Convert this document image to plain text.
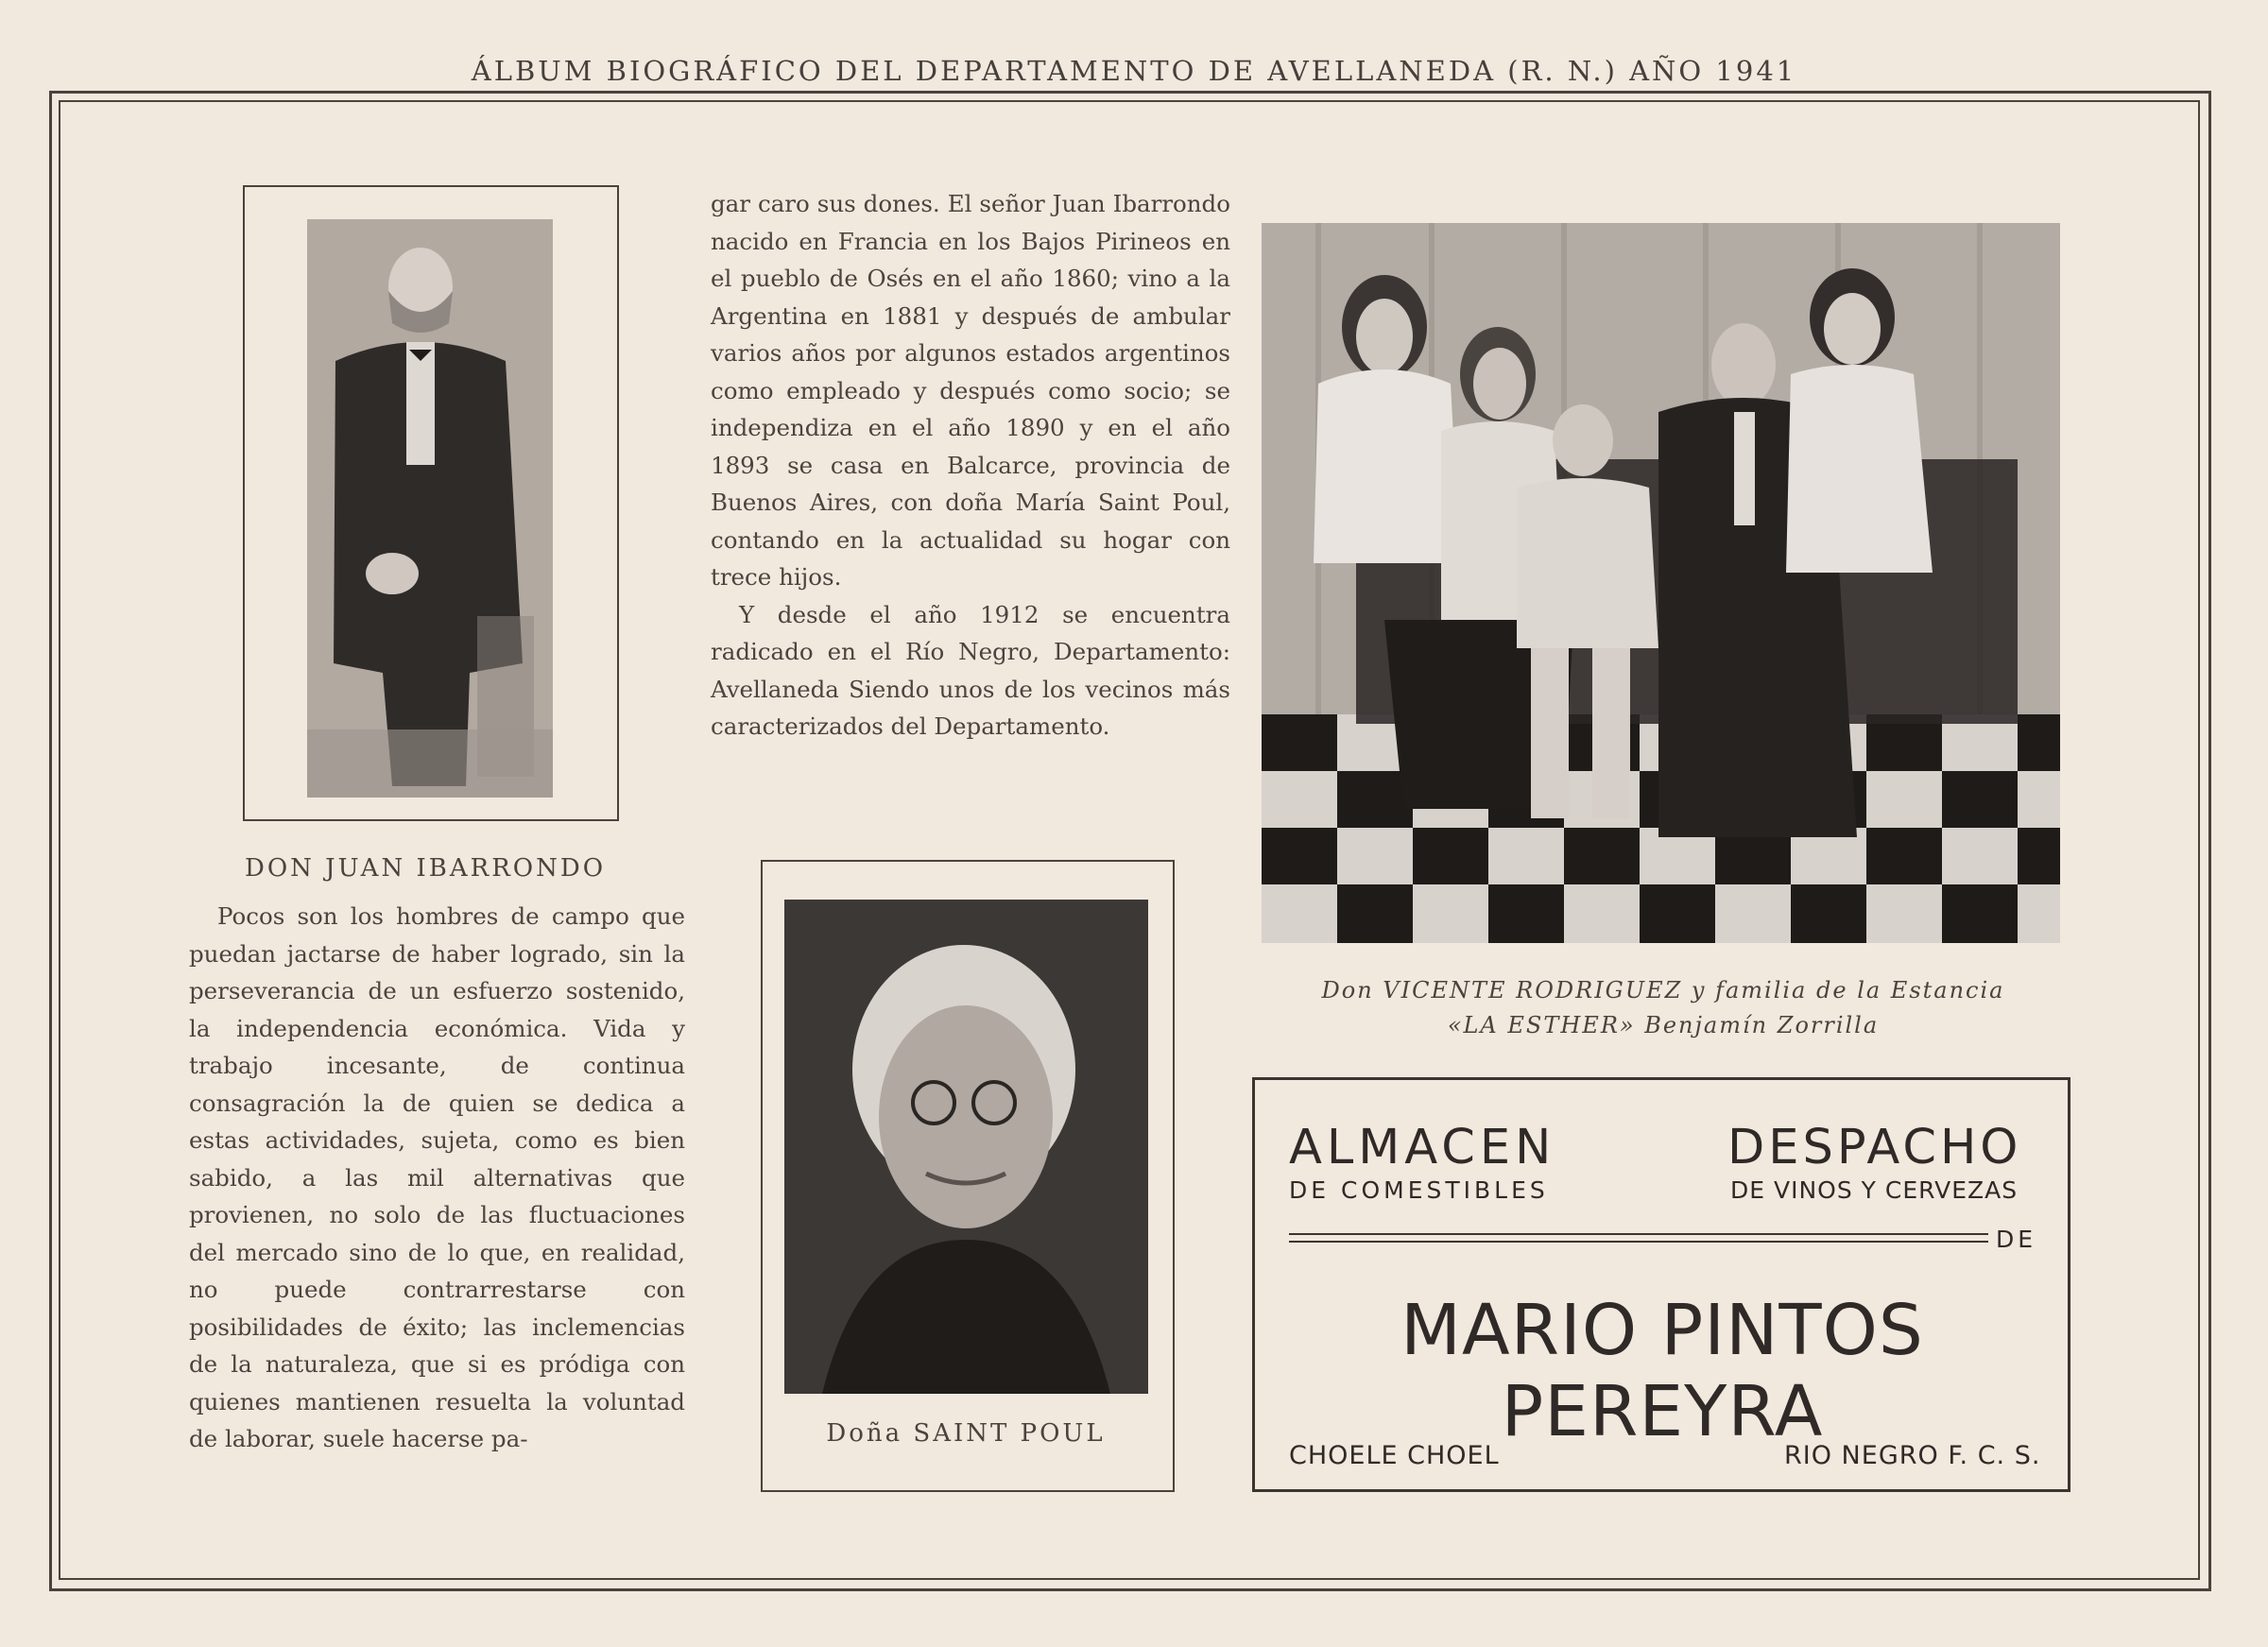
ÁLBUM BIOGRÁFICO DEL DEPARTAMENTO DE AVELLANEDA (R. N.) AÑO 1941
DON JUAN IBARRONDO

Pocos son los hombres de campo que puedan jactarse de haber logrado, sin la perseverancia de un esfuerzo sostenido, la independencia económica. Vida y trabajo incesante, de continua consagración la de quien se dedica a estas actividades, sujeta, como es bien sabido, a las mil alternativas que provienen, no solo de las fluctuaciones del mercado sino de lo que, en realidad, no puede contrarrestarse con posibilidades de éxito; las inclemencias de la naturaleza, que si es pródiga con quienes mantienen resuelta la voluntad de laborar, suele hacerse pa-

gar caro sus dones. El señor Juan Ibarrondo nacido en Francia en los Bajos Pirineos en el pueblo de Osés en el año 1860; vino a la Argentina en 1881 y después de ambular varios años por algunos estados argentinos como empleado y después como socio; se independiza en el año 1890 y en el año 1893 se casa en Balcarce, provincia de Buenos Aires, con doña María Saint Poul, contando en la actualidad su hogar con trece hijos.

Y desde el año 1912 se encuentra radicado en el Río Negro, Departamento: Avellaneda Siendo unos de los vecinos más caracterizados del Departamento.

Doña SAINT POUL
Don VICENTE RODRIGUEZ y familia de la Estancia
«LA ESTHER» Benjamín Zorrilla
ALMACEN
DE COMESTIBLES
DESPACHO
DE VINOS Y CERVEZAS
DE
MARIO PINTOS PEREYRA
CHOELE CHOEL	RIO NEGRO F. C. S.
